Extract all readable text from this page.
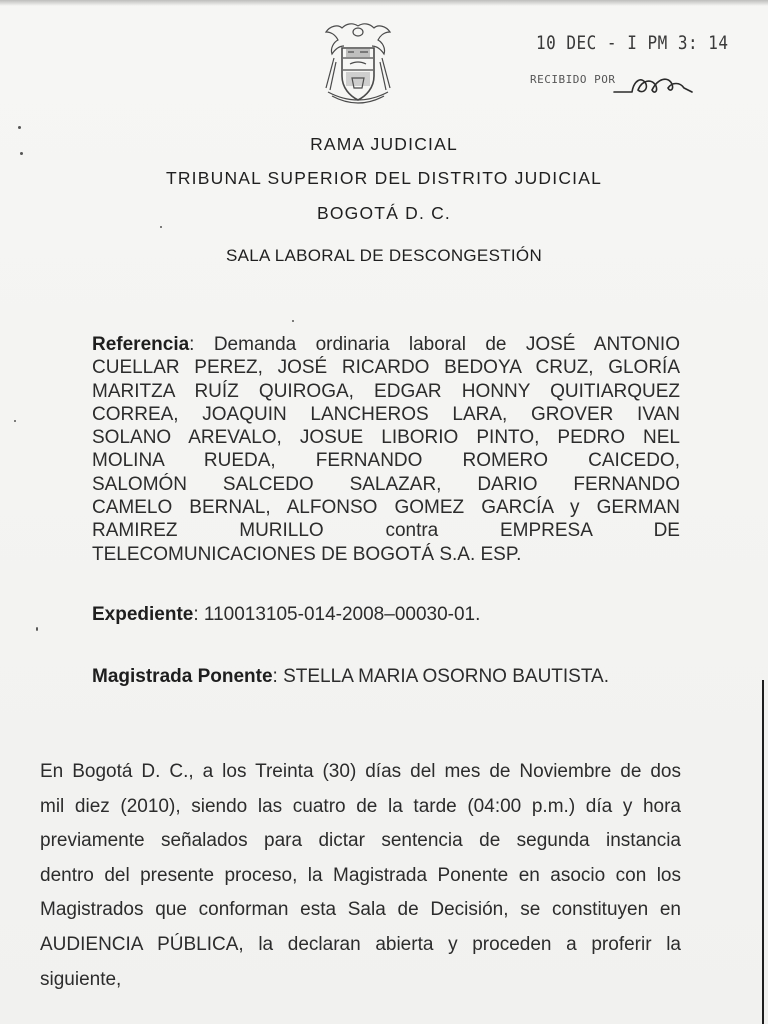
10 DEC - I PM 3: 14
RECIBIDO POR
RAMA JUDICIAL
TRIBUNAL SUPERIOR DEL DISTRITO JUDICIAL
BOGOTÁ D. C.
SALA LABORAL DE DESCONGESTIÓN
Referencia: Demanda ordinaria laboral de JOSÉ ANTONIO
CUELLAR PEREZ, JOSÉ RICARDO BEDOYA CRUZ, GLORÍA
MARITZA RUÍZ QUIROGA, EDGAR HONNY QUITIARQUEZ
CORREA, JOAQUIN LANCHEROS LARA, GROVER IVAN
SOLANO AREVALO, JOSUE LIBORIO PINTO, PEDRO NEL
MOLINA RUEDA, FERNANDO ROMERO CAICEDO,
SALOMÓN SALCEDO SALAZAR, DARIO FERNANDO
CAMELO BERNAL, ALFONSO GOMEZ GARCÍA y GERMAN
RAMIREZ MURILLO contra EMPRESA DE
TELECOMUNICACIONES DE BOGOTÁ S.A. ESP.
Expediente: 110013105-014-2008–00030-01.
Magistrada Ponente: STELLA MARIA OSORNO BAUTISTA.
En Bogotá D. C., a los Treinta (30) días del mes de Noviembre de dos
mil diez (2010), siendo las cuatro de la tarde (04:00 p.m.) día y hora
previamente señalados para dictar sentencia de segunda instancia
dentro del presente proceso, la Magistrada Ponente en asocio con los
Magistrados que conforman esta Sala de Decisión, se constituyen en
AUDIENCIA PÚBLICA, la declaran abierta y proceden a proferir la
siguiente,
